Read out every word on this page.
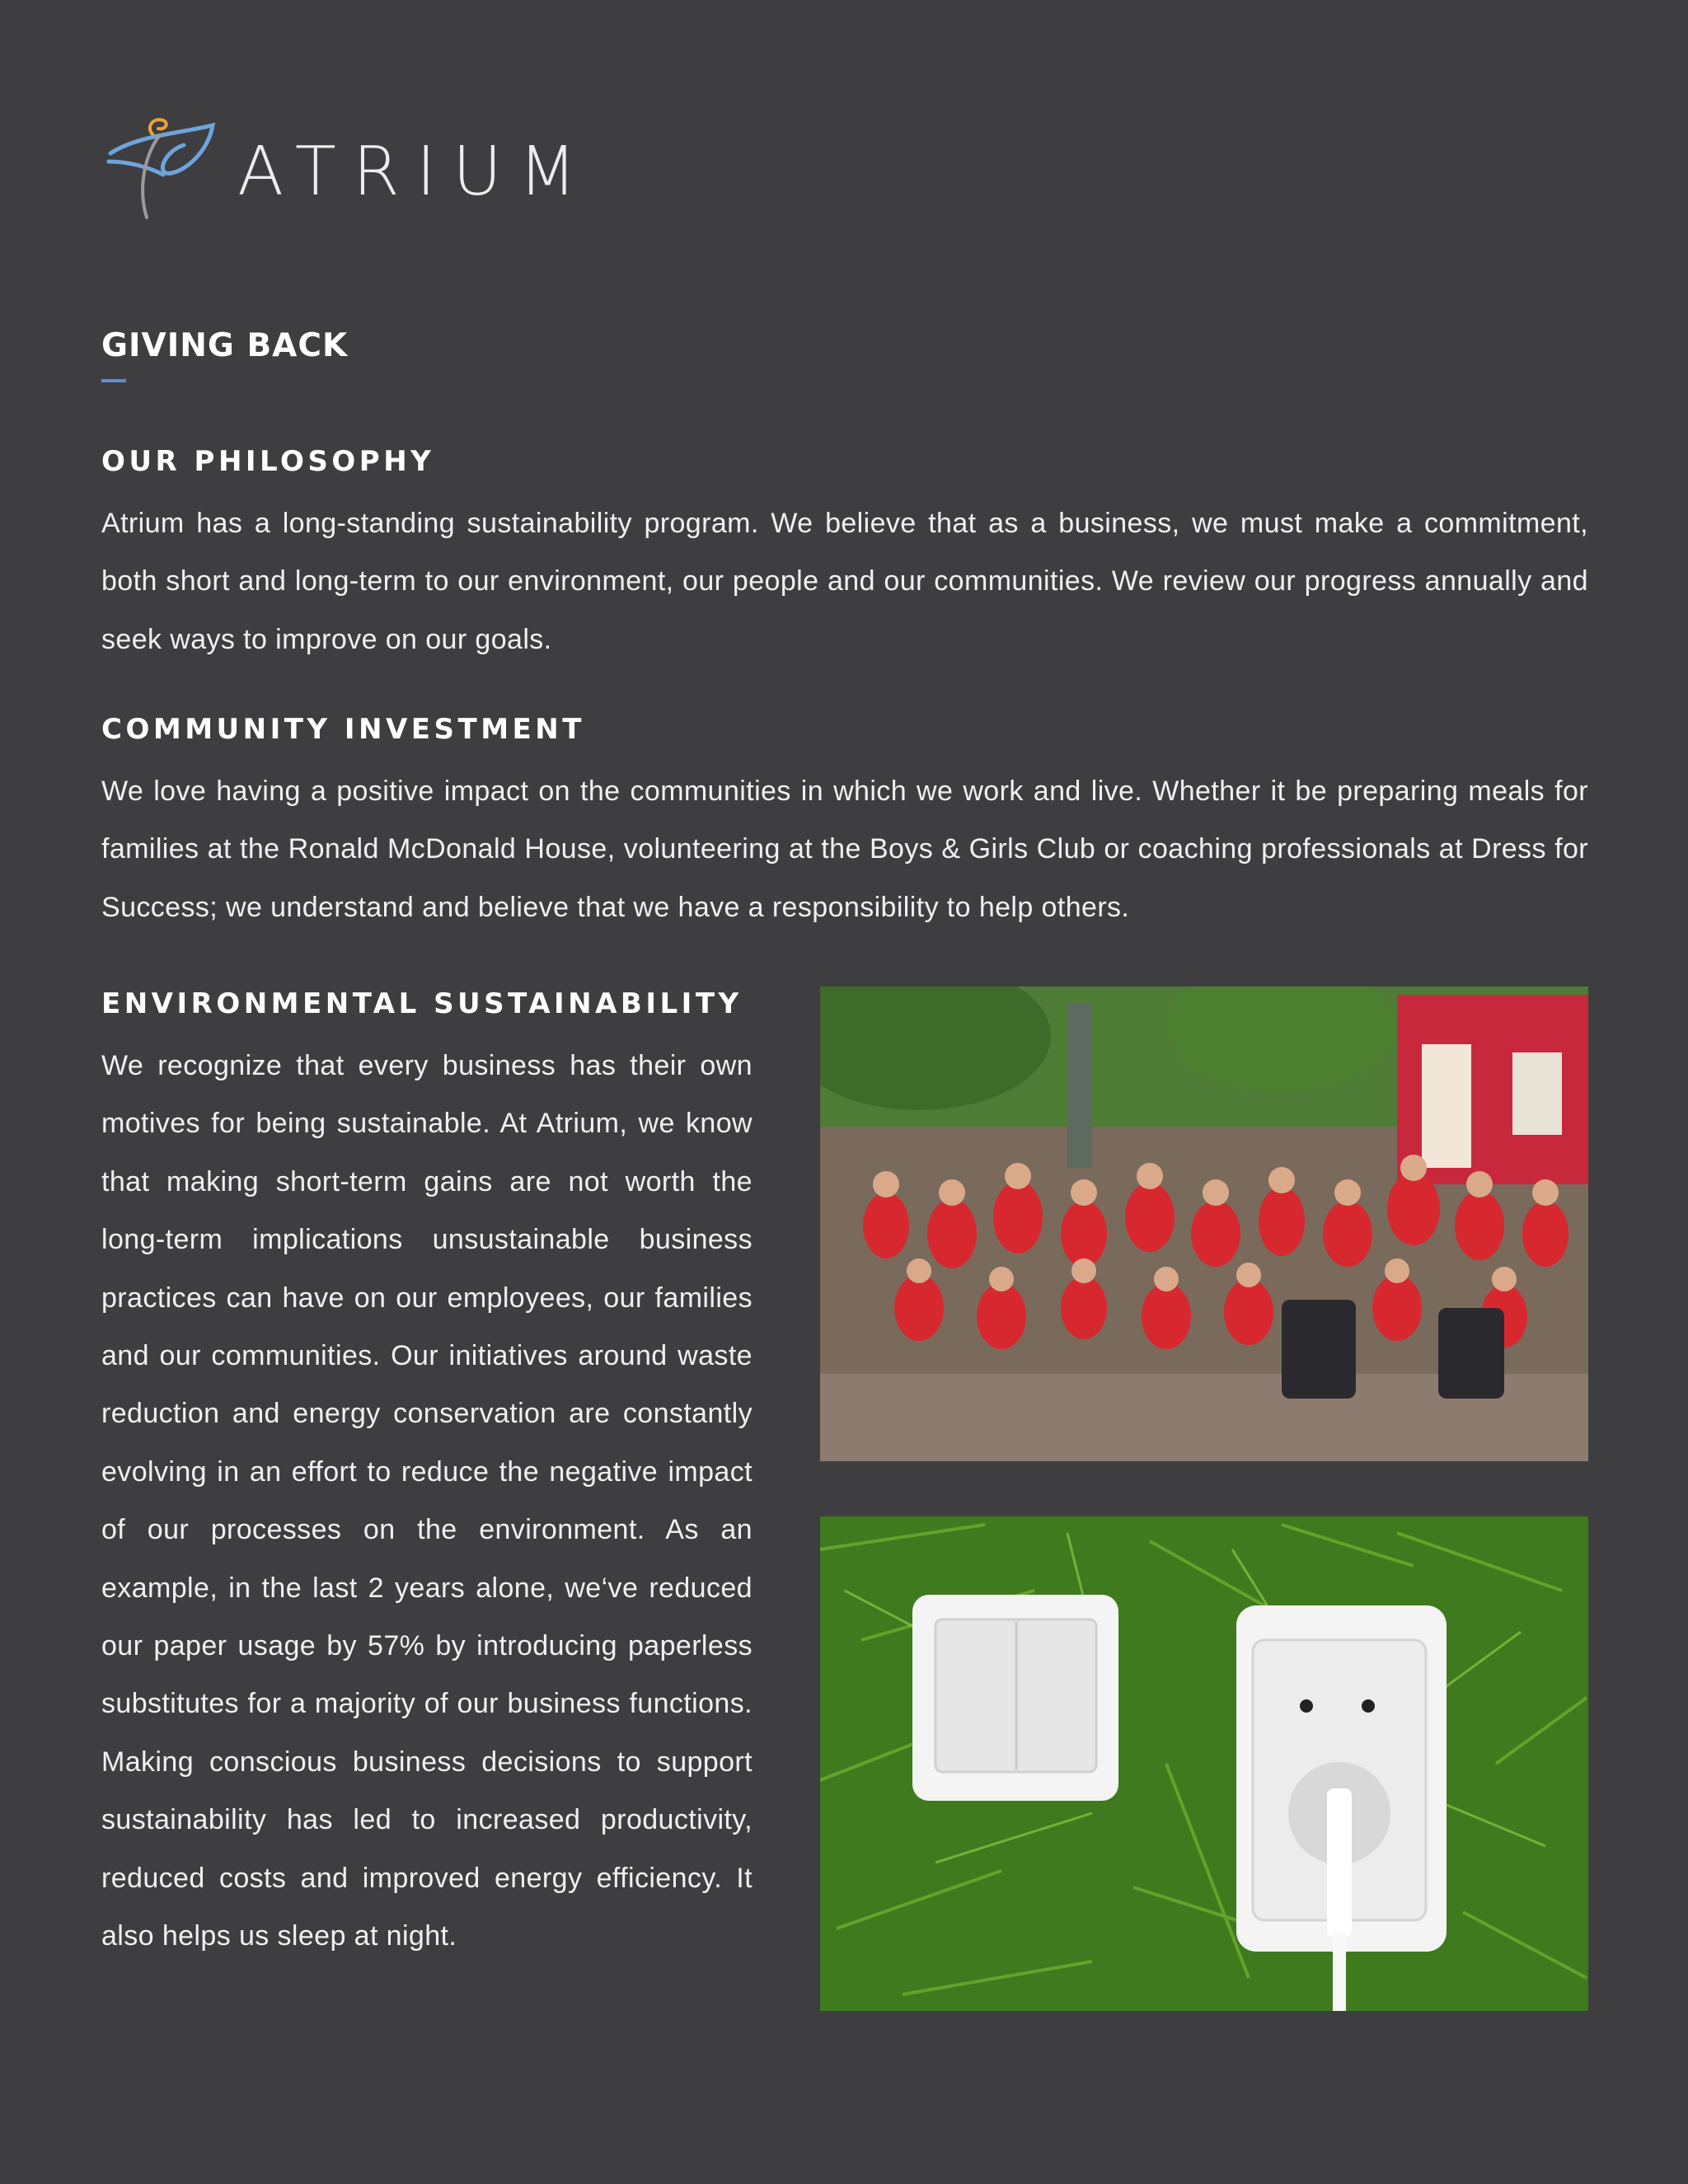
ATRIUM
GIVING BACK
OUR PHILOSOPHY

Atrium has a long-standing sustainability program. We believe that as a business, we must make a commitment, both short and long-term to our environment, our people and our communities. We review our progress annually and seek ways to improve on our goals.

COMMUNITY INVESTMENT

We love having a positive impact on the communities in which we work and live. Whether it be preparing meals for families at the Ronald McDonald House, volunteering at the Boys & Girls Club or coaching professionals at Dress for Success; we understand and believe that we have a responsibility to help others.

ENVIRONMENTAL SUSTAINABILITY

We recognize that every business has their own motives for being sustainable. At Atrium, we know that making short-term gains are not worth the long-term implications unsustainable business practices can have on our employees, our families and our communities. Our initiatives around waste reduction and energy conservation are constantly evolving in an effort to reduce the negative impact of our processes on the environment. As an example, in the last 2 years alone, we‘ve reduced our paper usage by 57% by introducing paperless substitutes for a majority of our business functions. Making conscious business decisions to support sustainability has led to increased productivity, reduced costs and improved energy efficiency. It also helps us sleep at night.
